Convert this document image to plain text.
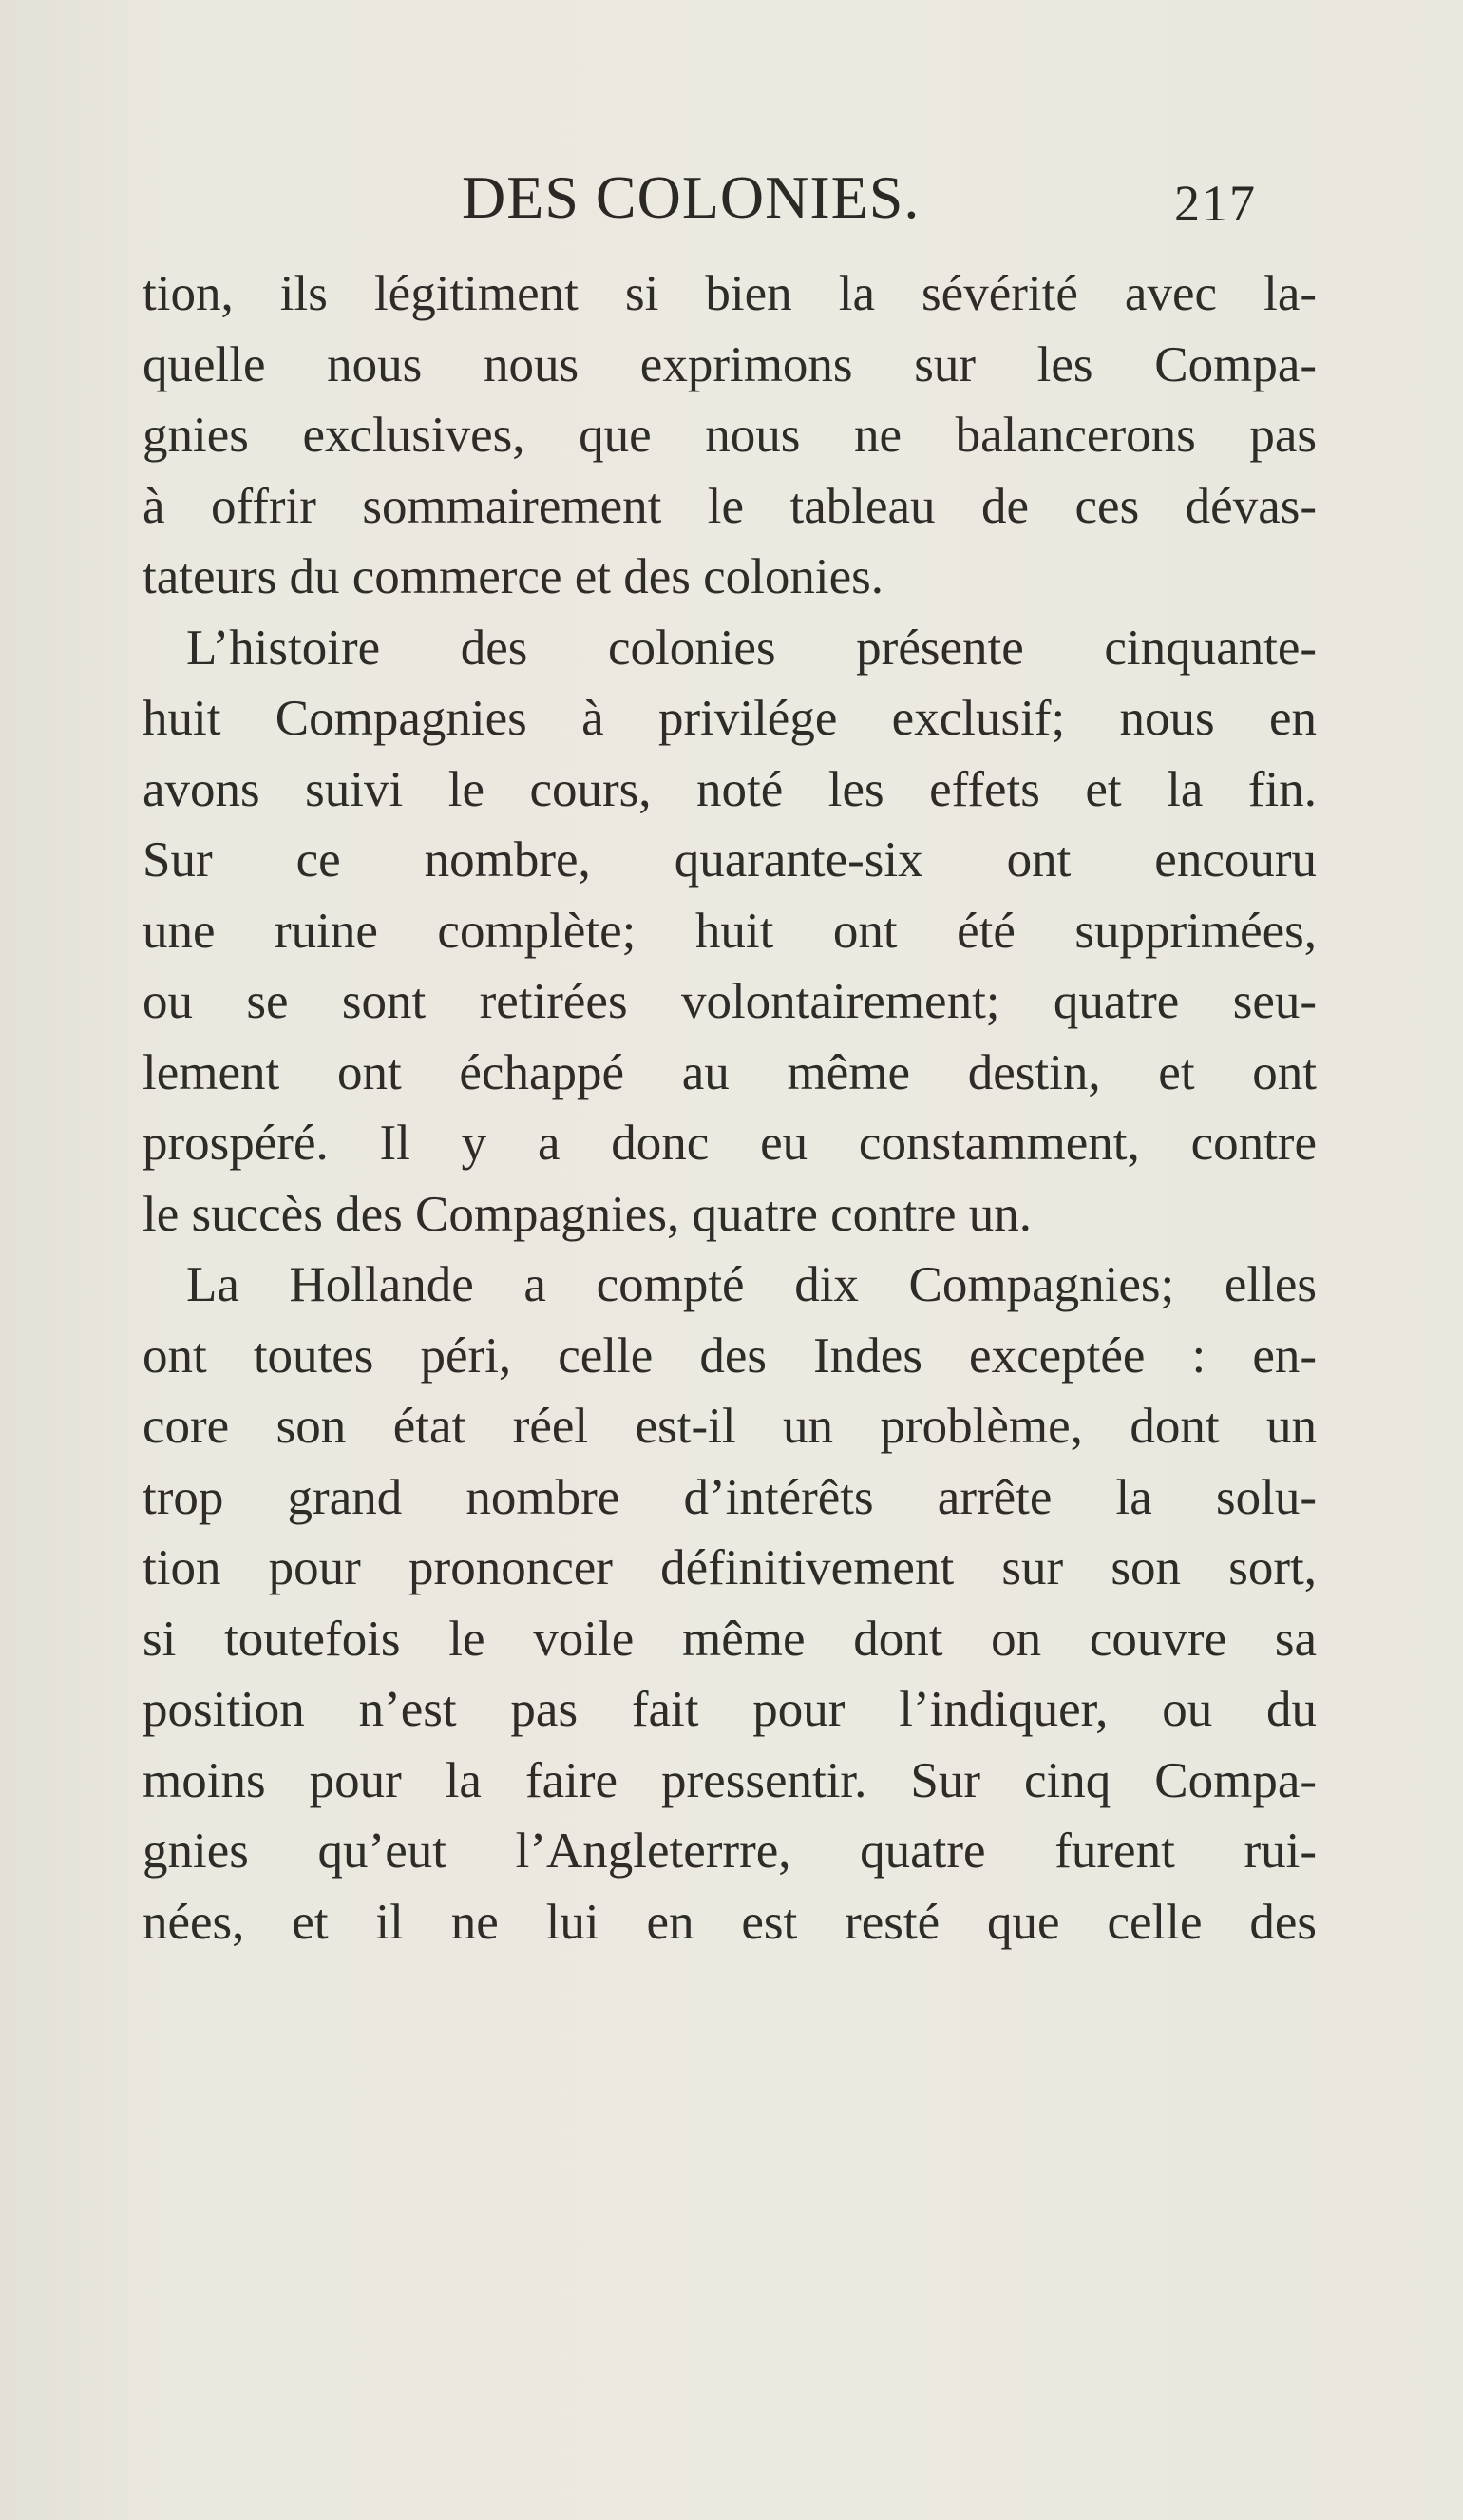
DES COLONIES.	217
tion, ils légitiment si bien la sévérité avec la-
quelle nous nous exprimons sur les Compa-
gnies exclusives, que nous ne balancerons pas
à offrir sommairement le tableau de ces dévas-
tateurs du commerce et des colonies.
L’histoire des colonies présente cinquante-
huit Compagnies à privilége exclusif; nous en
avons suivi le cours, noté les effets et la fin.
Sur ce nombre, quarante-six ont encouru
une ruine complète; huit ont été supprimées,
ou se sont retirées volontairement; quatre seu-
lement ont échappé au même destin, et ont
prospéré. Il y a donc eu constamment, contre
le succès des Compagnies, quatre contre un.
La Hollande a compté dix Compagnies; elles
ont toutes péri, celle des Indes exceptée : en-
core son état réel est-il un problème, dont un
trop grand nombre d’intérêts arrête la solu-
tion pour prononcer définitivement sur son sort,
si toutefois le voile même dont on couvre sa
position n’est pas fait pour l’indiquer, ou du
moins pour la faire pressentir. Sur cinq Compa-
gnies qu’eut l’Angleterrre, quatre furent rui-
nées, et il ne lui en est resté que celle des
